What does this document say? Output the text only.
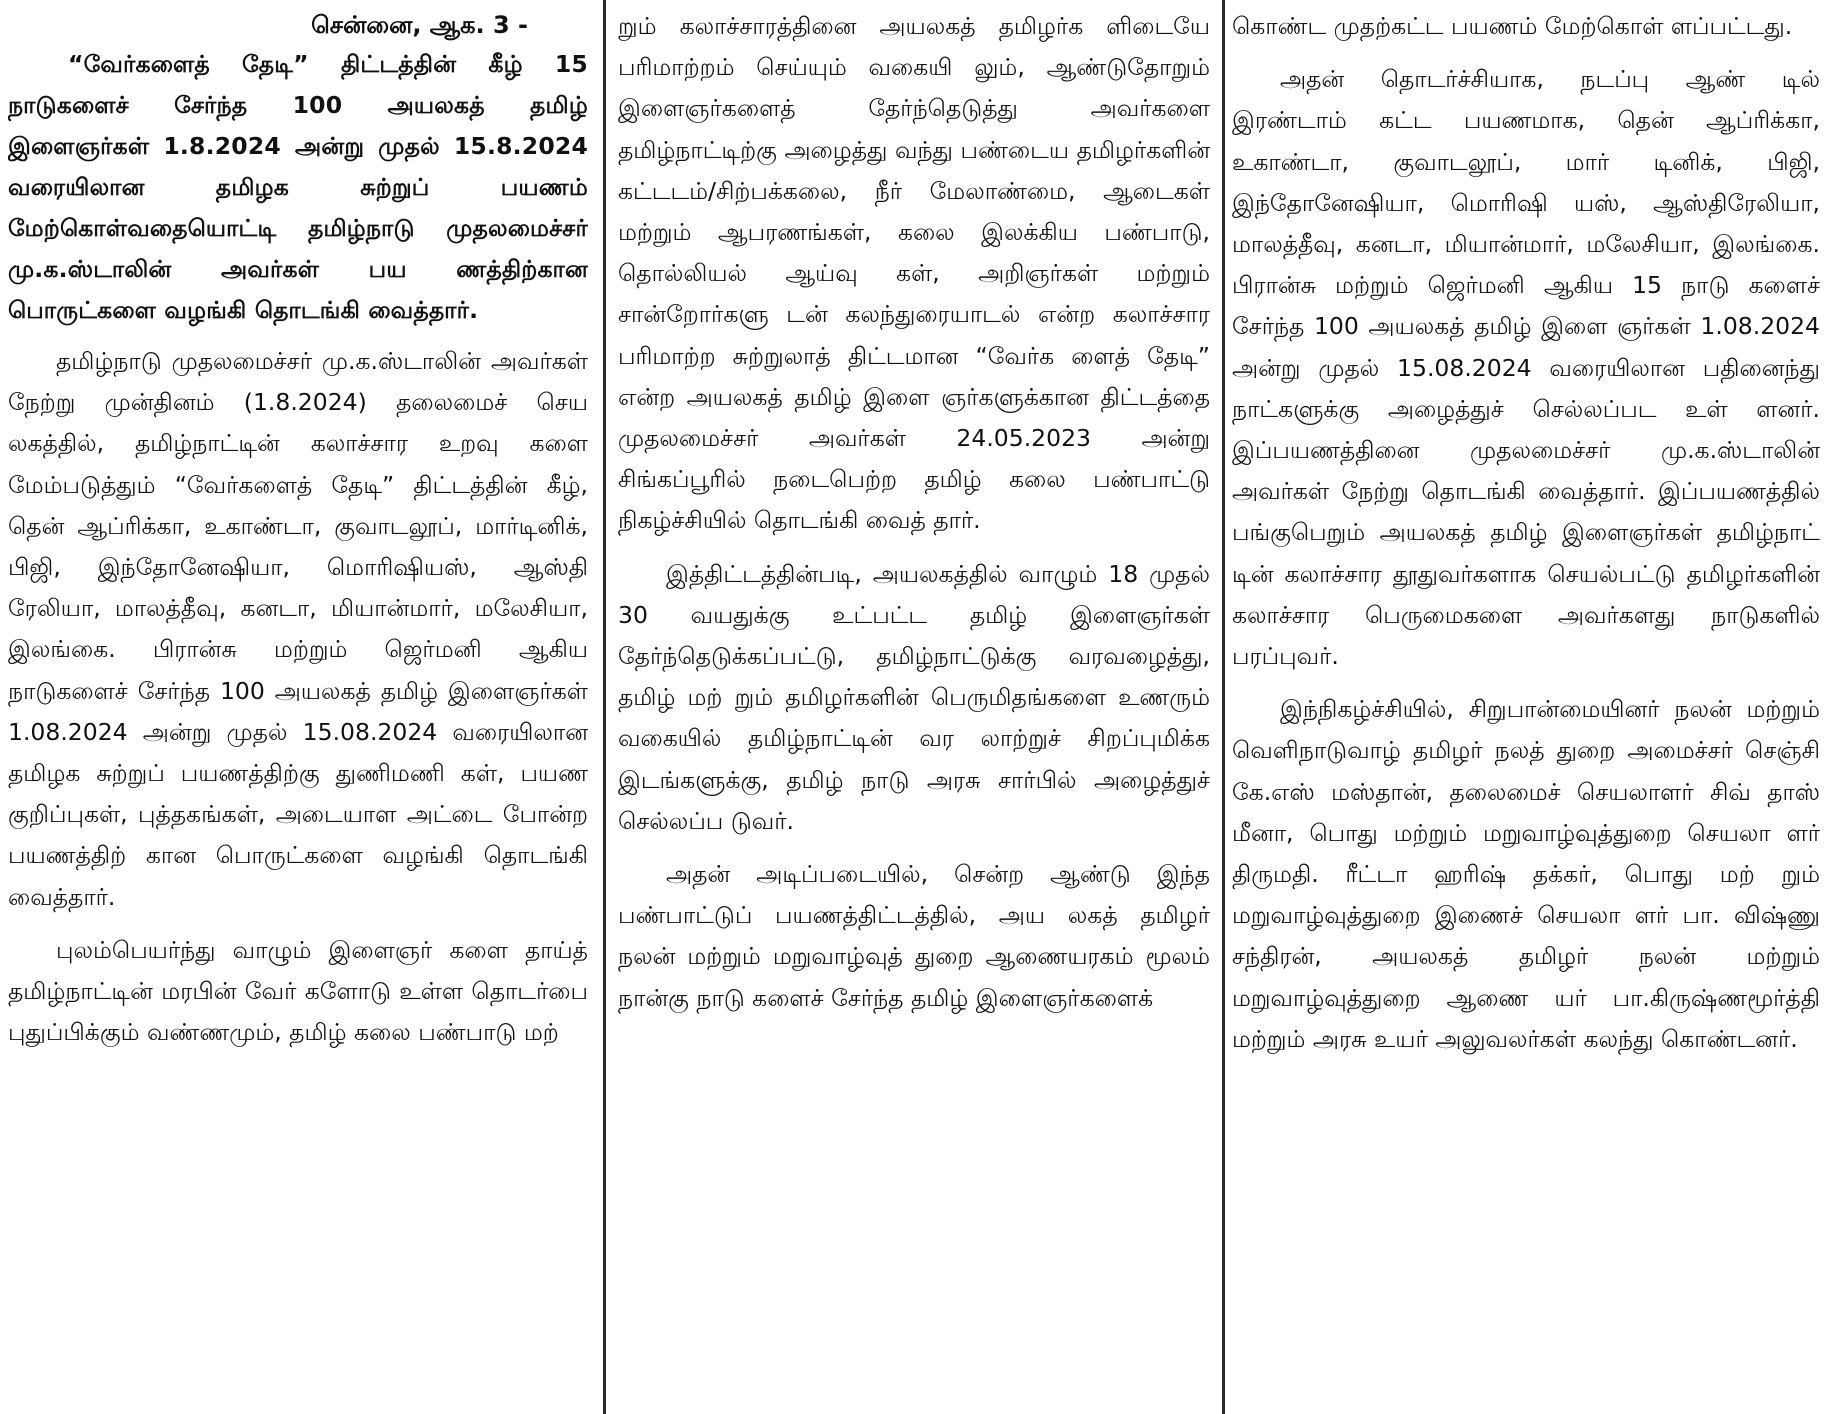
சென்னை, ஆக. 3 -

“வேர்களைத் தேடி” திட்டத்தின் கீழ் 15 நாடுகளைச் சேர்ந்த 100 அயலகத் தமிழ் இளைஞர்கள் 1.8.2024 அன்று முதல் 15.8.2024 வரையிலான தமிழக சுற்றுப் பயணம் மேற்கொள்வதையொட்டி தமிழ்நாடு முதலமைச்சர் மு.க.ஸ்டாலின் அவர்கள் பய ணத்திற்கான பொருட்களை வழங்கி தொடங்கி வைத்தார்.

தமிழ்நாடு முதலமைச்சர் மு.க.ஸ்டாலின் அவர்கள் நேற்று முன்தினம் (1.8.2024) தலைமைச் செய லகத்தில், தமிழ்நாட்டின் கலாச்சார உறவு களை மேம்படுத்தும் “வேர்களைத் தேடி” திட்டத்தின் கீழ், தென் ஆப்ரிக்கா, உகாண்டா, குவாடலூப், மார்டினிக், பிஜி, இந்தோனேஷியா, மொரிஷியஸ், ஆஸ்தி ரேலியா, மாலத்தீவு, கனடா, மியான்மார், மலேசியா, இலங்கை. பிரான்சு மற்றும் ஜெர்மனி ஆகிய நாடுகளைச் சேர்ந்த 100 அயலகத் தமிழ் இளைஞர்கள் 1.08.2024 அன்று முதல் 15.08.2024 வரையிலான தமிழக சுற்றுப் பயணத்திற்கு துணிமணி கள், பயண குறிப்புகள், புத்தகங்கள், அடையாள அட்டை போன்ற பயணத்திற் கான பொருட்களை வழங்கி தொடங்கி வைத்தார்.

புலம்பெயர்ந்து வாழும் இளைஞர் களை தாய்த் தமிழ்நாட்டின் மரபின் வேர் களோடு உள்ள தொடர்பை புதுப்பிக்கும் வண்ணமும், தமிழ் கலை பண்பாடு மற்

றும் கலாச்சாரத்தினை அயலகத் தமிழர்க ளிடையே பரிமாற்றம் செய்யும் வகையி லும், ஆண்டுதோறும் இளைஞர்களைத் தேர்ந்தெடுத்து அவர்களை தமிழ்நாட்டிற்கு அழைத்து வந்து பண்டைய தமிழர்களின் கட்டடம்/சிற்பக்கலை, நீர் மேலாண்மை, ஆடைகள் மற்றும் ஆபரணங்கள், கலை இலக்கிய பண்பாடு, தொல்லியல் ஆய்வு கள், அறிஞர்கள் மற்றும் சான்றோர்களு டன் கலந்துரையாடல் என்ற கலாச்சார பரிமாற்ற சுற்றுலாத் திட்டமான “வேர்க ளைத் தேடி” என்ற அயலகத் தமிழ் இளை ஞர்களுக்கான திட்டத்தை முதலமைச்சர் அவர்கள் 24.05.2023 அன்று சிங்கப்பூரில் நடைபெற்ற தமிழ் கலை பண்பாட்டு நிகழ்ச்சியில் தொடங்கி வைத் தார்.

இத்திட்டத்தின்படி, அயலகத்தில் வாழும் 18 முதல் 30 வயதுக்கு உட்பட்ட தமிழ் இளைஞர்கள் தேர்ந்தெடுக்கப்பட்டு, தமிழ்நாட்டுக்கு வரவழைத்து, தமிழ் மற் றும் தமிழர்களின் பெருமிதங்களை உணரும் வகையில் தமிழ்நாட்டின் வர லாற்றுச் சிறப்புமிக்க இடங்களுக்கு, தமிழ் நாடு அரசு சார்பில் அழைத்துச் செல்லப்ப டுவர்.

அதன் அடிப்படையில், சென்ற ஆண்டு இந்த பண்பாட்டுப் பயணத்திட்டத்தில், அய லகத் தமிழர் நலன் மற்றும் மறுவாழ்வுத் துறை ஆணையரகம் மூலம் நான்கு நாடு களைச் சேர்ந்த தமிழ் இளைஞர்களைக்

கொண்ட முதற்கட்ட பயணம் மேற்கொள் ளப்பட்டது.

அதன் தொடர்ச்சியாக, நடப்பு ஆண் டில் இரண்டாம் கட்ட பயணமாக, தென் ஆப்ரிக்கா, உகாண்டா, குவாடலூப், மார் டினிக், பிஜி, இந்தோனேஷியா, மொரிஷி யஸ், ஆஸ்திரேலியா, மாலத்தீவு, கனடா, மியான்மார், மலேசியா, இலங்கை. பிரான்சு மற்றும் ஜெர்மனி ஆகிய 15 நாடு களைச் சேர்ந்த 100 அயலகத் தமிழ் இளை ஞர்கள் 1.08.2024 அன்று முதல் 15.08.2024 வரையிலான பதினைந்து நாட்களுக்கு அழைத்துச் செல்லப்பட உள் ளனர். இப்பயணத்தினை முதலமைச்சர் மு.க.ஸ்டாலின் அவர்கள் நேற்று தொடங்கி வைத்தார். இப்பயணத்தில் பங்குபெறும் அயலகத் தமிழ் இளைஞர்கள் தமிழ்நாட் டின் கலாச்சார தூதுவர்களாக செயல்பட்டு தமிழர்களின் கலாச்சார பெருமைகளை அவர்களது நாடுகளில் பரப்புவர்.

இந்நிகழ்ச்சியில், சிறுபான்மையினர் நலன் மற்றும் வெளிநாடுவாழ் தமிழர் நலத் துறை அமைச்சர் செஞ்சி கே.எஸ் மஸ்தான், தலைமைச் செயலாளர் சிவ் தாஸ் மீனா, பொது மற்றும் மறுவாழ்வுத்துறை செயலா ளர் திருமதி. ரீட்டா ஹரிஷ் தக்கர், பொது மற் றும் மறுவாழ்வுத்துறை இணைச் செயலா ளர் பா. விஷ்ணு சந்திரன், அயலகத் தமிழர் நலன் மற்றும் மறுவாழ்வுத்துறை ஆணை யர் பா.கிருஷ்ணமூர்த்தி மற்றும் அரசு உயர் அலுவலர்கள் கலந்து கொண்டனர்.
